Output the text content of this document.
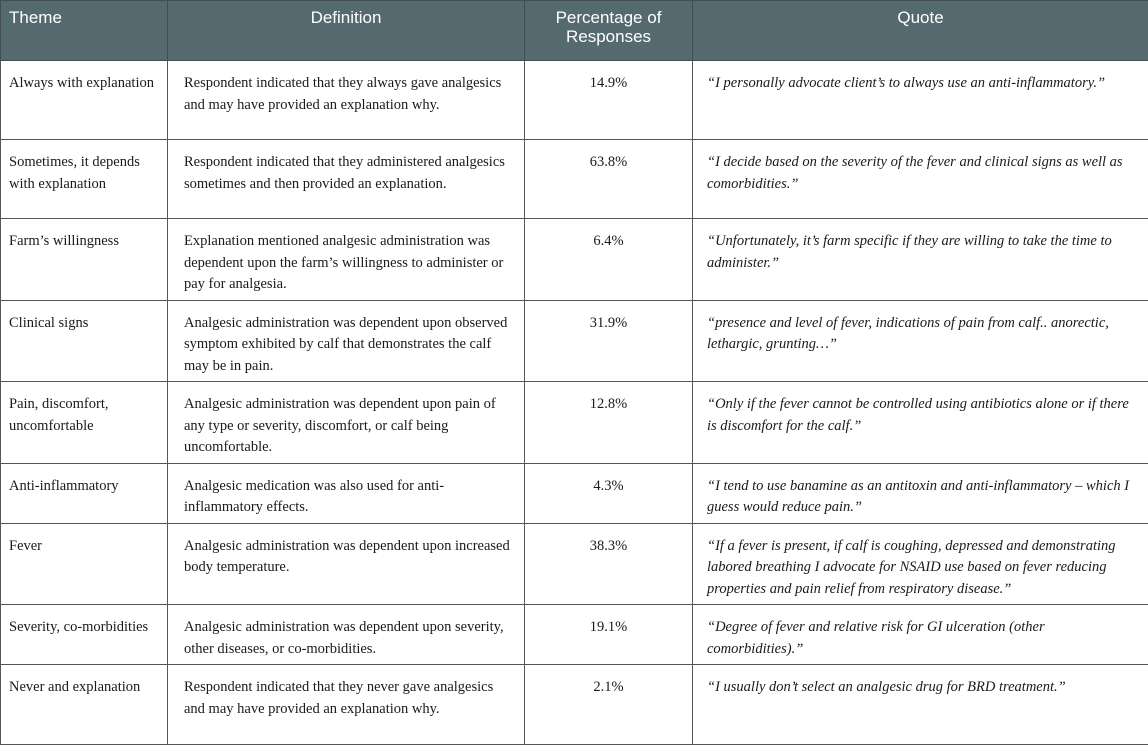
Theme	Definition	Percentage of Responses	Quote

Always with explanation	Respondent indicated that they always gave analgesics and may have provided an explanation why.	14.9%	“I personally advocate client’s to always use an anti-inflammatory.”
Sometimes, it depends with explanation	Respondent indicated that they administered analgesics sometimes and then provided an explanation.	63.8%	“I decide based on the severity of the fever and clinical signs as well as comorbidities.”
Farm’s willingness	Explanation mentioned analgesic administration was dependent upon the farm’s willingness to administer or pay for analgesia.	6.4%	“Unfortunately, it’s farm specific if they are willing to take the time to administer.”
Clinical signs	Analgesic administration was dependent upon observed symptom exhibited by calf that demonstrates the calf may be in pain.	31.9%	“presence and level of fever, indications of pain from calf.. anorectic, lethargic, grunting…”
Pain, discomfort, uncomfortable	Analgesic administration was dependent upon pain of any type or severity, discomfort, or calf being uncomfortable.	12.8%	“Only if the fever cannot be controlled using antibiotics alone or if there is discomfort for the calf.”
Anti-inflammatory	Analgesic medication was also used for anti-inflammatory effects.	4.3%	“I tend to use banamine as an antitoxin and anti-inflammatory – which I guess would reduce pain.”
Fever	Analgesic administration was dependent upon increased body temperature.	38.3%	“If a fever is present, if calf is coughing, depressed and demonstrating labored breathing I advocate for NSAID use based on fever reducing properties and pain relief from respiratory disease.”
Severity, co-morbidities	Analgesic administration was dependent upon severity, other diseases, or co-morbidities.	19.1%	“Degree of fever and relative risk for GI ulceration (other comorbidities).”
Never and explanation	Respondent indicated that they never gave analgesics and may have provided an explanation why.	2.1%	“I usually don’t select an analgesic drug for BRD treatment.”
